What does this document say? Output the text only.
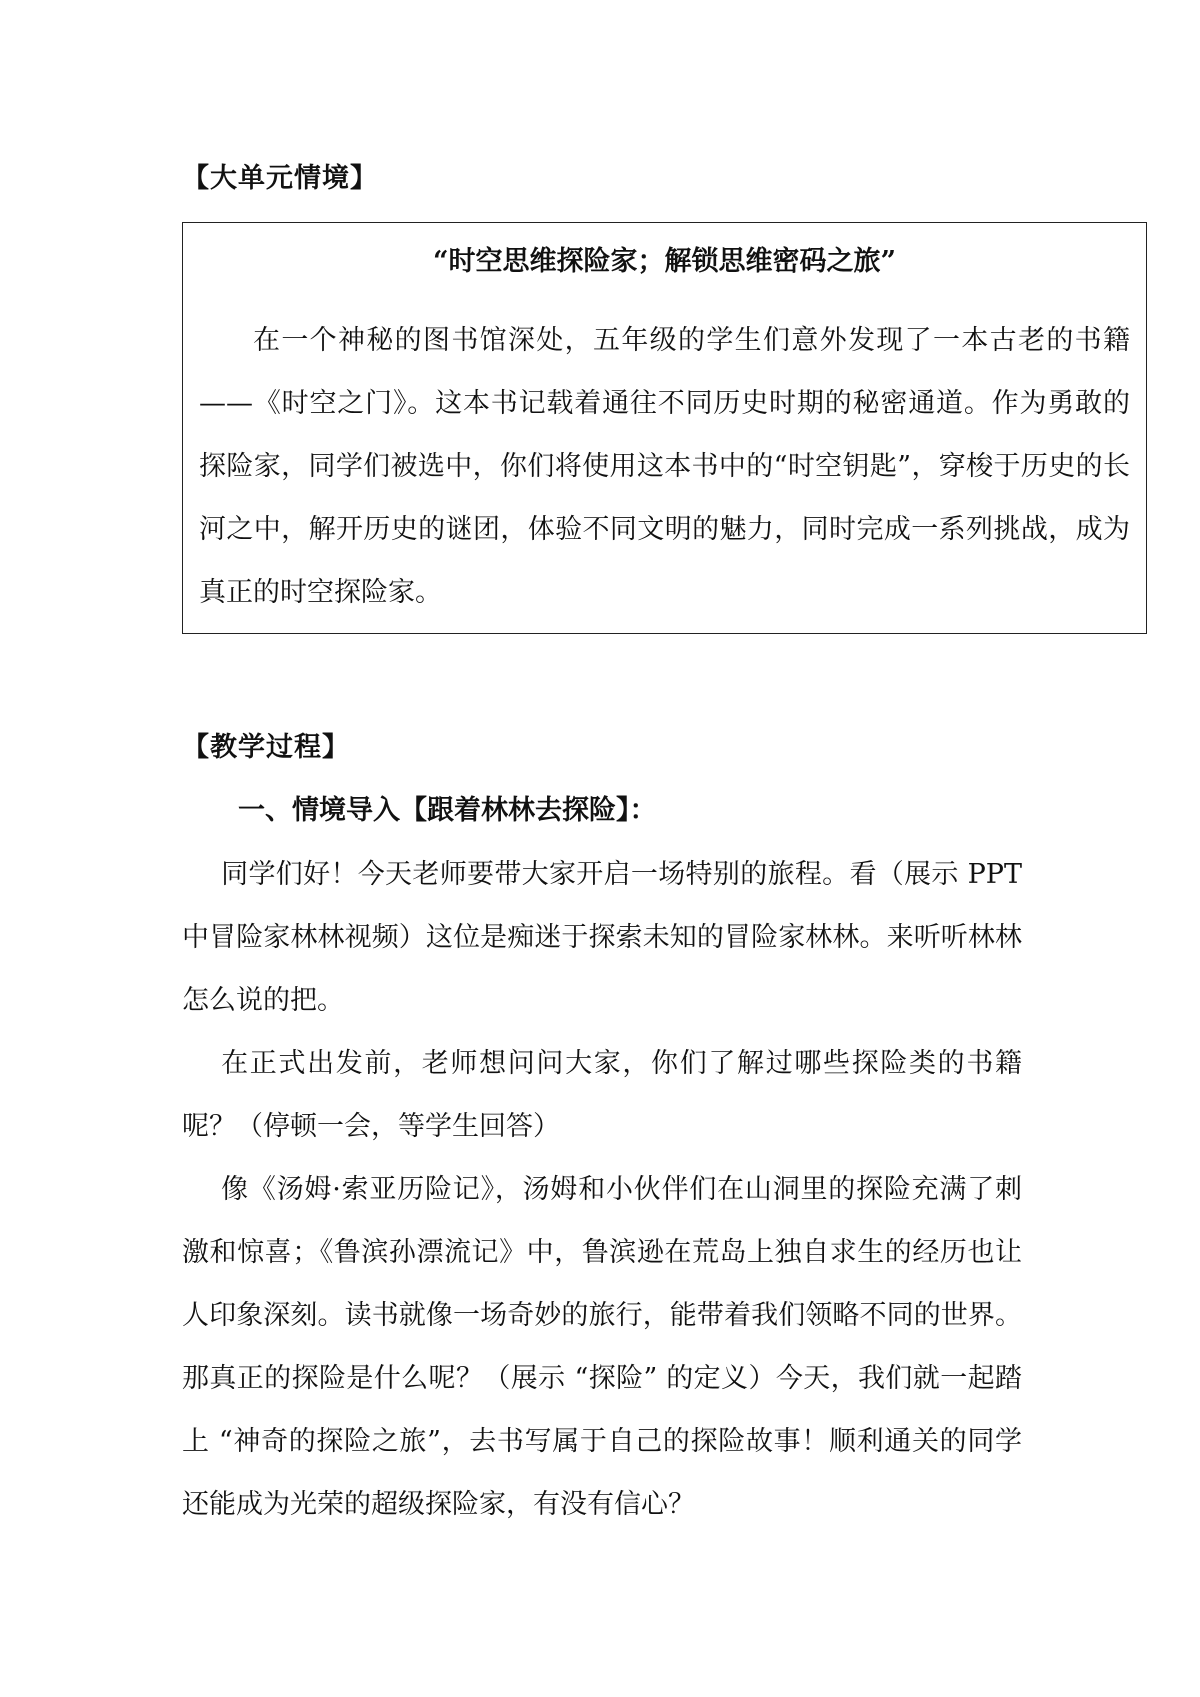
【大单元情境】
“时空思维探险家；解锁思维密码之旅”

在一个神秘的图书馆深处，五年级的学生们意外发现了一本古老的书籍——《时空之门》。这本书记载着通往不同历史时期的秘密通道。作为勇敢的探险家，同学们被选中，你们将使用这本书中的“时空钥匙”，穿梭于历史的长河之中，解开历史的谜团，体验不同文明的魅力，同时完成一系列挑战，成为真正的时空探险家。

【教学过程】
一、情境导入【跟着林林去探险】：

同学们好！今天老师要带大家开启一场特别的旅程。看（展示 PPT 中冒险家林林视频）这位是痴迷于探索未知的冒险家林林。来听听林林怎么说的把。

在正式出发前，老师想问问大家，你们了解过哪些探险类的书籍呢？（停顿一会，等学生回答）

像《汤姆·索亚历险记》，汤姆和小伙伴们在山洞里的探险充满了刺激和惊喜；《鲁滨孙漂流记》中，鲁滨逊在荒岛上独自求生的经历也让人印象深刻。读书就像一场奇妙的旅行，能带着我们领略不同的世界。那真正的探险是什么呢？（展示 “探险” 的定义）今天，我们就一起踏上 “神奇的探险之旅”，去书写属于自己的探险故事！顺利通关的同学还能成为光荣的超级探险家，有没有信心？
